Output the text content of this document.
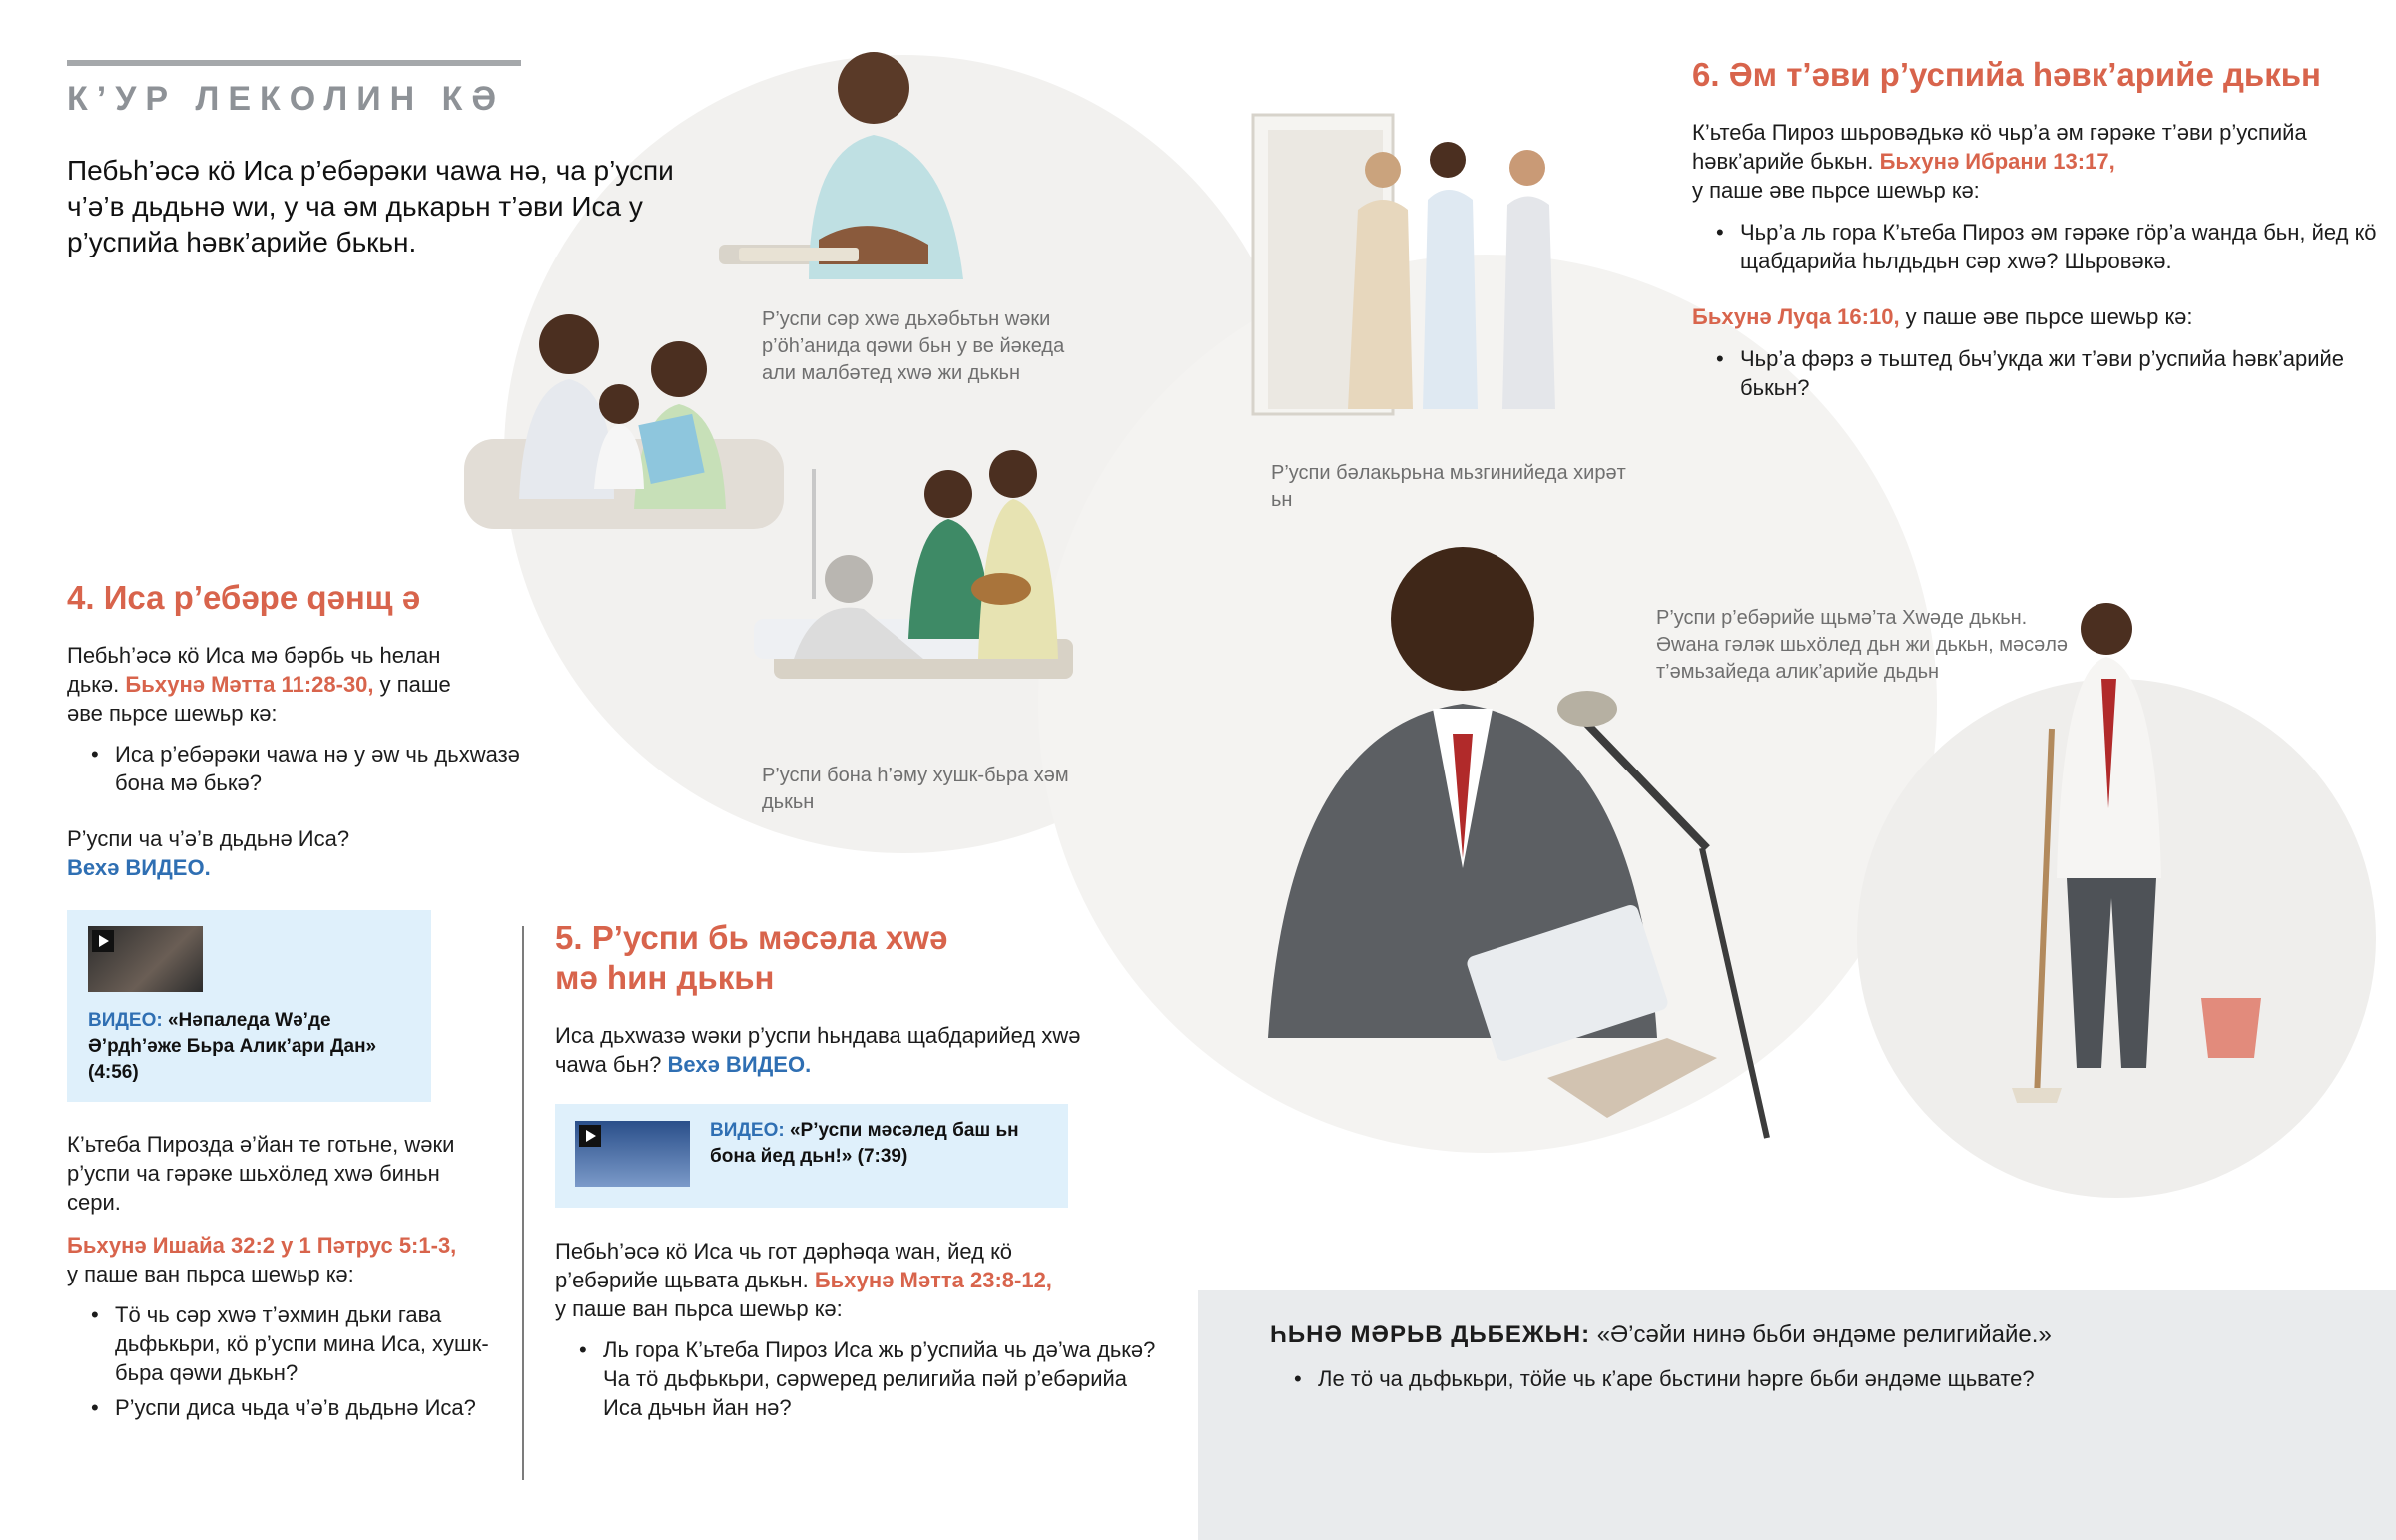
К’УР ЛЕКОЛИН КӘ
Пебьһ’әсә кӧ Иса р’ебәрәки чаwа нә, ча р’успи ч’ә’в дьдьнә wи, у ча әм дькарьн т’әви Иса у р’успийа һәвк’арийе бькьн.
Р’успи сәр хwә дьхәбьтьн wәки р’ӧһ’анида qәwи бьн у ве йәкеда али малбәтед хwә жи дькьн
Р’успи бона һ’әму хушк-бьра хәм дькьн
Р’успи бәлакьрьна мьзгинийеда хирәт ьн
Р’успи р’ебәрийе щьмә’та Хwәде дькьн. Әwана гәләк шьхӧлед дьн жи дькьн, мәсәлә т’әмьзайеда алик’арийе дьдьн
4. Иса р’ебәре qәнщ ә
Пебьһ’әсә кӧ Иса мә бәрбь чь һелан дькә. Бьхунә Мәтта 11:28-30, у паше әве пьрсе шеwьр кә:
• Иса р’ебәрәки чаwа нә у әw чь дьхwазә бона мә бькә?
Р’успи ча ч’ә’в дьдьнә Иса?
Вехә ВИДЕО.
ВИДЕО: «Нәпаледа Wә’де Ә’рдһ’әже Бьра Алик’ари Дан» (4:56)
К’ьтеба Пирозда ә’йан те готьне, wәки р’успи ча гәрәке шьхӧлед хwә биньн сери.
Бьхунә Ишайа 32:2 у 1 Пәтрус 5:1-3,
у паше ван пьрса шеwьр кә:
• Тӧ чь сәр хwә т’әхмин дьки гава дьфькьри, кӧ р’успи мина Иса, хушк-бьра qәwи дькьн?
• Р’успи диса чьда ч’ә’в дьдьнә Иса?
5. Р’успи бь мәсәла хwә мә һин дькьн
Иса дьхwазә wәки р’успи һьндава щабдарийед хwә чаwа бьн? Вехә ВИДЕО.
ВИДЕО: «Р’успи мәсәлед баш ьн бона йед дьн!» (7:39)
Пебьһ’әсә кӧ Иса чь гот дәрһәqа wан, йед кӧ р’ебәрийе щьвата дькьн. Бьхунә Мәтта 23:8-12,
у паше ван пьрса шеwьр кә:
• Ль гора К’ьтеба Пироз Иса жь р’успийа чь дә’wа дькә? Ча тӧ дьфькьри, сәрwеред религийа пәй р’ебәрийа Иса дьчьн йан нә?
6. Әм т’әви р’успийа һәвк’арийе дькьн
К’ьтеба Пироз шьровәдькә кӧ чьр’а әм гәрәке т’әви р’успийа һәвк’арийе бькьн. Бьхунә Ибрани 13:17,
у паше әве пьрсе шеwьр кә:
• Чьр’а ль гора К’ьтеба Пироз әм гәрәке гӧр’а wанда бьн, йед кӧ щабдарийа һьлдьдьн сәр хwә? Шьровәкә.
Бьхунә Луqа 16:10, у паше әве пьрсе шеwьр кә:
• Чьр’а фәрз ә тьштед бьч’укда жи т’әви р’успийа һәвк’арийе бькьн?
ҺЬНӘ МӘРЬВ ДЬБЕЖЬН: «Ә’сәйи нинә бьби әндәме религийайе.»
• Ле тӧ ча дьфькьри, тӧйе чь к’аре бьстини һәрге бьби әндәме щьвате?
